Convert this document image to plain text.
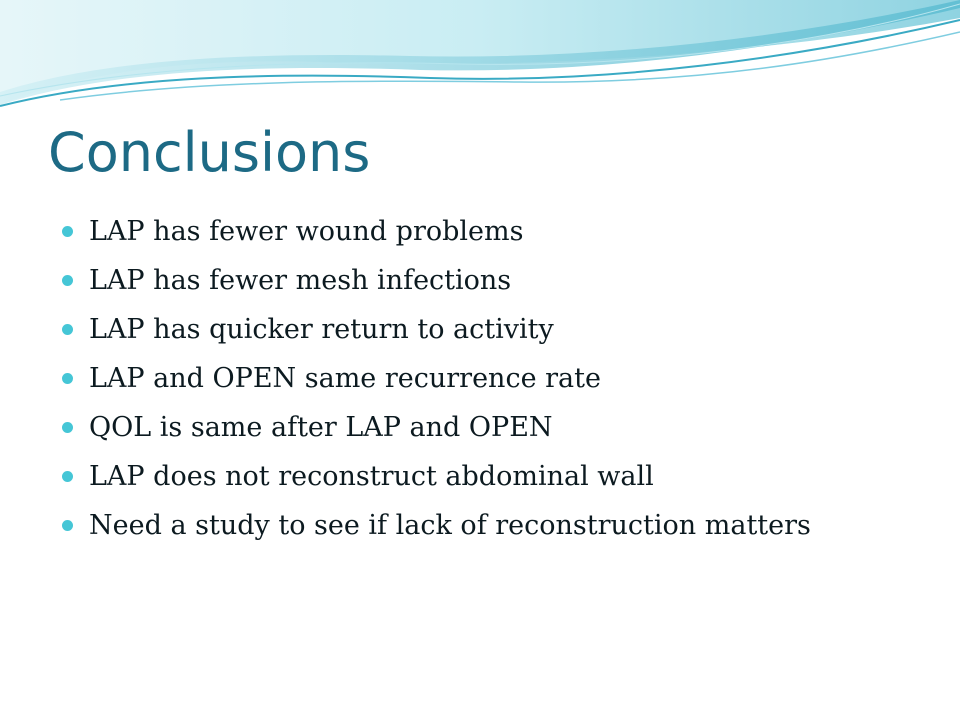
Conclusions
LAP has fewer wound problems
LAP has fewer mesh infections
LAP has quicker return to activity
LAP and OPEN same recurrence rate
QOL is same after LAP and OPEN
LAP does not reconstruct abdominal wall
Need a study to see if lack of reconstruction matters
